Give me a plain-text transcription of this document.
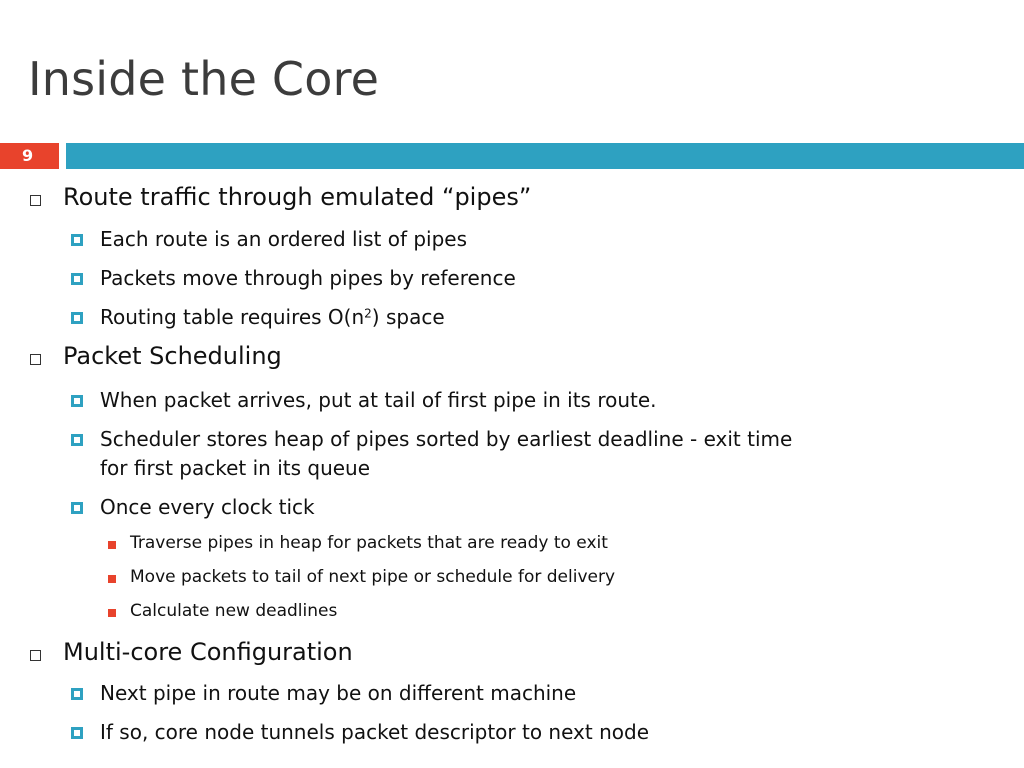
Inside the Core
9
Route traffic through emulated “pipes”
Each route is an ordered list of pipes
Packets move through pipes by reference
Routing table requires $O(n^2)$ space
Packet Scheduling
When packet arrives, put at tail of first pipe in its route.
Scheduler stores heap of pipes sorted by earliest deadline - exit time
for first packet in its queue
Once every clock tick
Traverse pipes in heap for packets that are ready to exit
Move packets to tail of next pipe or schedule for delivery
Calculate new deadlines
Multi-core Configuration
Next pipe in route may be on different machine
If so, core node tunnels packet descriptor to next node
